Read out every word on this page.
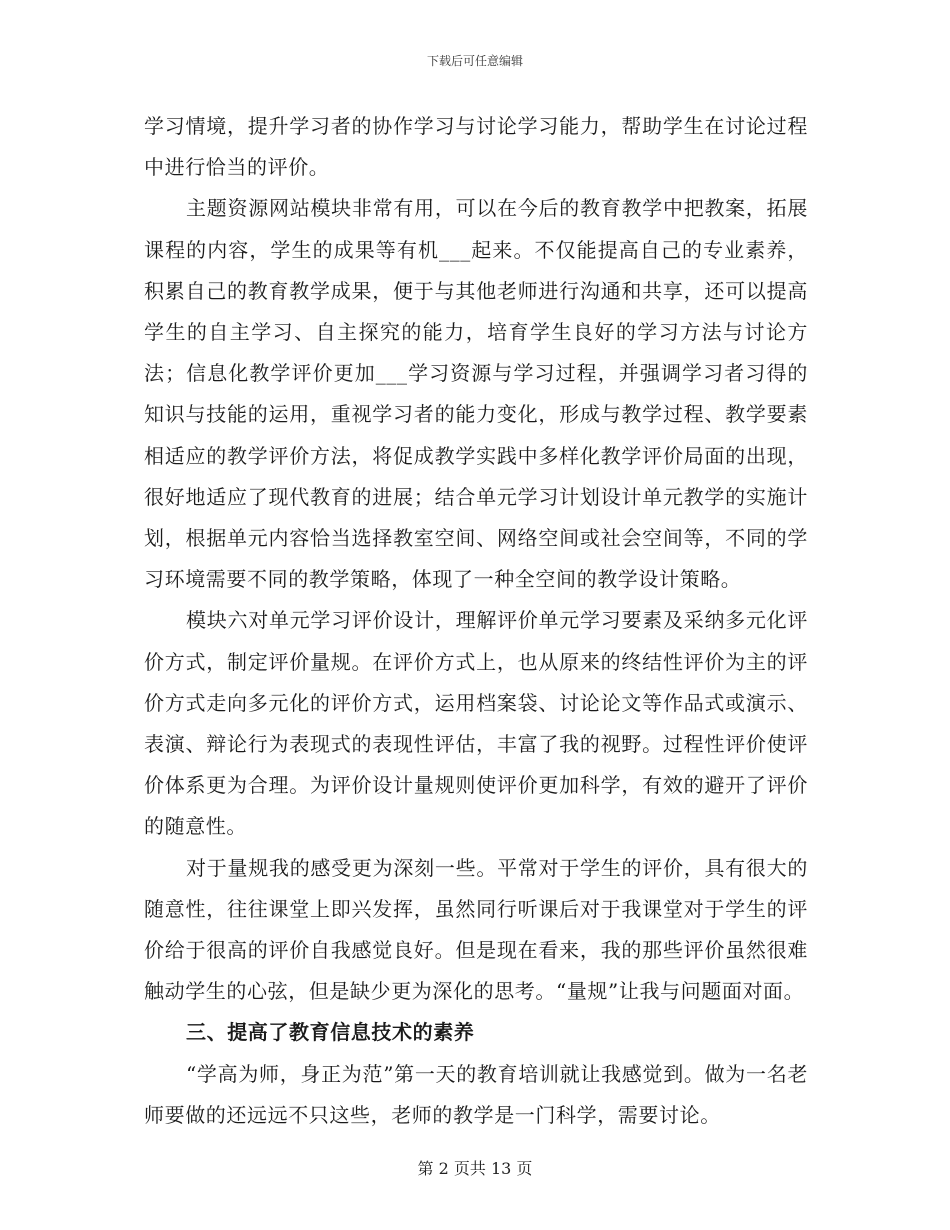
下载后可任意编辑

学习情境，提升学习者的协作学习与讨论学习能力，帮助学生在讨论过程中进行恰当的评价。

主题资源网站模块非常有用，可以在今后的教育教学中把教案，拓展课程的内容，学生的成果等有机___起来。不仅能提高自己的专业素养，积累自己的教育教学成果，便于与其他老师进行沟通和共享，还可以提高学生的自主学习、自主探究的能力，培育学生良好的学习方法与讨论方法；信息化教学评价更加___学习资源与学习过程，并强调学习者习得的知识与技能的运用，重视学习者的能力变化，形成与教学过程、教学要素相适应的教学评价方法，将促成教学实践中多样化教学评价局面的出现，很好地适应了现代教育的进展；结合单元学习计划设计单元教学的实施计划，根据单元内容恰当选择教室空间、网络空间或社会空间等，不同的学习环境需要不同的教学策略，体现了一种全空间的教学设计策略。

模块六对单元学习评价设计，理解评价单元学习要素及采纳多元化评价方式，制定评价量规。在评价方式上，也从原来的终结性评价为主的评价方式走向多元化的评价方式，运用档案袋、讨论论文等作品式或演示、表演、辩论行为表现式的表现性评估，丰富了我的视野。过程性评价使评价体系更为合理。为评价设计量规则使评价更加科学，有效的避开了评价的随意性。

对于量规我的感受更为深刻一些。平常对于学生的评价，具有很大的随意性，往往课堂上即兴发挥，虽然同行听课后对于我课堂对于学生的评价给于很高的评价自我感觉良好。但是现在看来，我的那些评价虽然很难触动学生的心弦，但是缺少更为深化的思考。“量规”让我与问题面对面。

三、提高了教育信息技术的素养

“学高为师，身正为范”第一天的教育培训就让我感觉到。做为一名老师要做的还远远不只这些，老师的教学是一门科学，需要讨论。

第 2 页共 13 页
